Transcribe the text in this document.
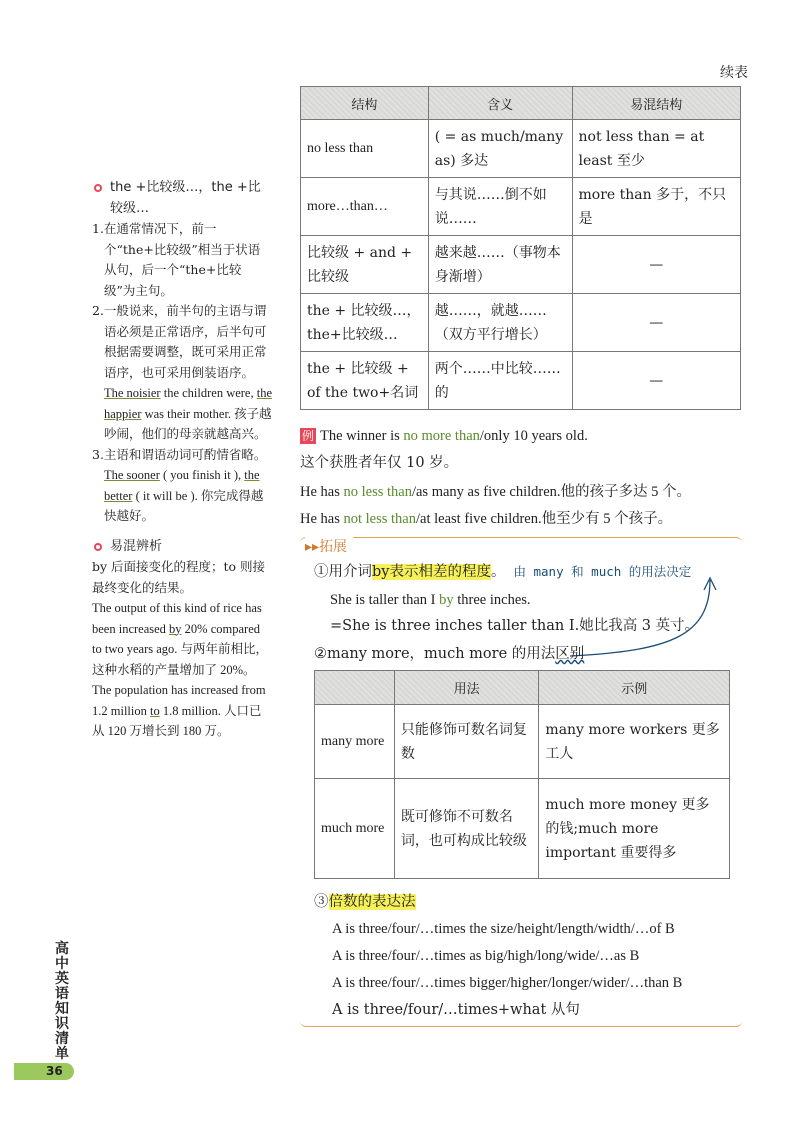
续表

the +比较级…，the +比较级…

1.在通常情况下，前一个“the+比较级”相当于状语从句，后一个“the+比较级”为主句。

2.一般说来，前半句的主语与谓语必须是正常语序，后半句可根据需要调整，既可采用正常语序，也可采用倒装语序。

The noisier the children were, the happier was their mother. 孩子越吵闹，他们的母亲就越高兴。

3.主语和谓语动词可酌情省略。

The sooner ( you finish it ), the better ( it will be ). 你完成得越快越好。

易混辨析

by 后面接变化的程度；to 则接最终变化的结果。

The output of this kind of rice has been increased by 20% compared to two years ago. 与两年前相比，这种水稻的产量增加了 20%。

The population has increased from 1.2 million to 1.8 million. 人口已从 120 万增长到 180 万。

高
中
英
语
知
识
清
单
36
结构	含义	易混结构
no less than	( = as much/many as) 多达	not less than = at least 至少
more…than…	与其说……倒不如说……	more than 多于，不只是
比较级 + and + 比较级	越来越……（事物本身渐增）	—
the + 比较级…，the+比较级…	越……，就越……（双方平行增长）	—
the + 比较级 + of the two+名词	两个……中比较……的	—
例 The winner is no more than/only 10 years old.
这个获胜者年仅 10 岁。
He has no less than/as many as five children.他的孩子多达 5 个。
He has not less than/at least five children.他至少有 5 个孩子。
▸▸拓展
①用介词by表示相差的程度。 由 many 和 much 的用法决定
She is taller than I by three inches.
=She is three inches taller than I.她比我高 3 英寸。
②many more，much more 的用法区别
	用法	示例
many more	只能修饰可数名词复数	many more workers 更多工人
much more	既可修饰不可数名词，也可构成比较级	much more money 更多的钱;much more important 重要得多
③倍数的表达法
A is three/four/…times the size/height/length/width/…of B
A is three/four/…times as big/high/long/wide/…as B
A is three/four/…times bigger/higher/longer/wider/…than B
A is three/four/…times+what 从句
